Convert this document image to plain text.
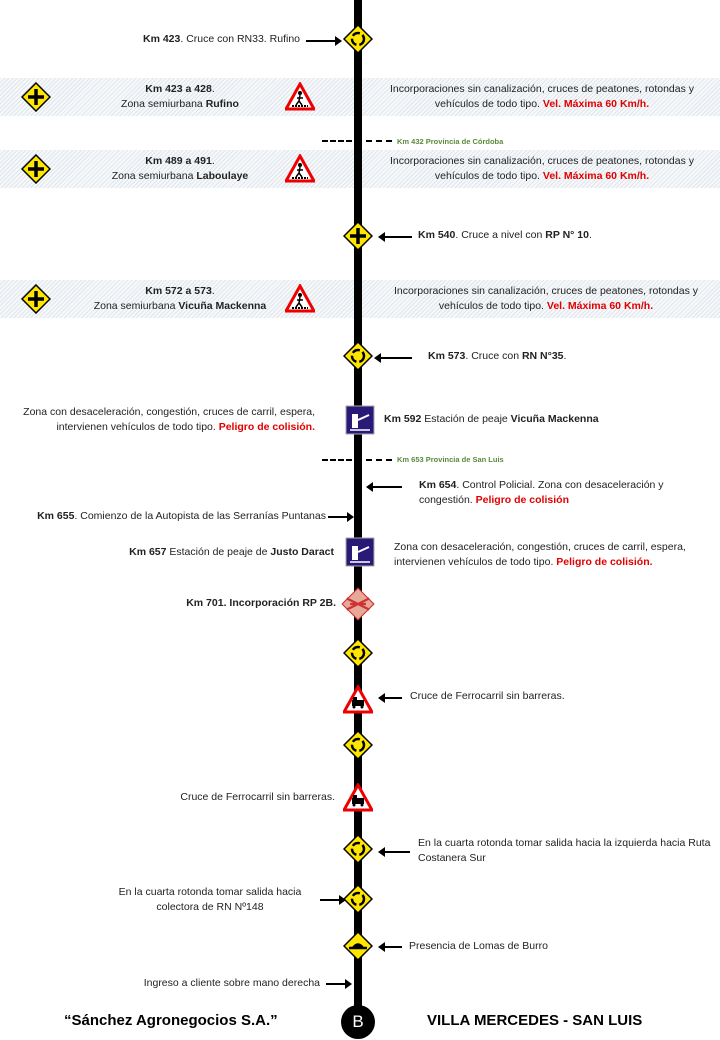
Km 423. Cruce con RN33. Rufino
Km 423 a 428.
Zona semiurbana Rufino
Incorporaciones sin canalización, cruces de peatones, rotondas y vehículos de todo tipo. Vel. Máxima 60 Km/h.
Km 432 Provincia de Córdoba
Km 489 a 491.
Zona semiurbana Laboulaye
Incorporaciones sin canalización, cruces de peatones, rotondas y vehículos de todo tipo. Vel. Máxima 60 Km/h.
Km 540. Cruce a nivel con RP N° 10.
Km 572 a 573.
Zona semiurbana Vicuña Mackenna
Incorporaciones sin canalización, cruces de peatones, rotondas y vehículos de todo tipo. Vel. Máxima 60 Km/h.
Km 573. Cruce con RN N°35.
Zona con desaceleración, congestión, cruces de carril, espera, intervienen vehículos de todo tipo. Peligro de colisión.
Km 592 Estación de peaje Vicuña Mackenna
Km 653 Provincia de San Luis
Km 654. Control Policial. Zona con desaceleración y congestión. Peligro de colisión
Km 655. Comienzo de la Autopista de las Serranías Puntanas
Km 657 Estación de peaje de Justo Daract	Zona con desaceleración, congestión, cruces de carril, espera, intervienen vehículos de todo tipo. Peligro de colisión.
Km 701. Incorporación RP 2B.
Cruce de Ferrocarril sin barreras.
Cruce de Ferrocarril sin barreras.
En la cuarta rotonda tomar salida hacia la izquierda hacia Ruta Costanera Sur
En la cuarta rotonda tomar salida hacia colectora de RN Nº148
Presencia de Lomas de Burro
Ingreso a cliente sobre mano derecha
“Sánchez Agronegocios S.A.”	B	VILLA MERCEDES - SAN LUIS
